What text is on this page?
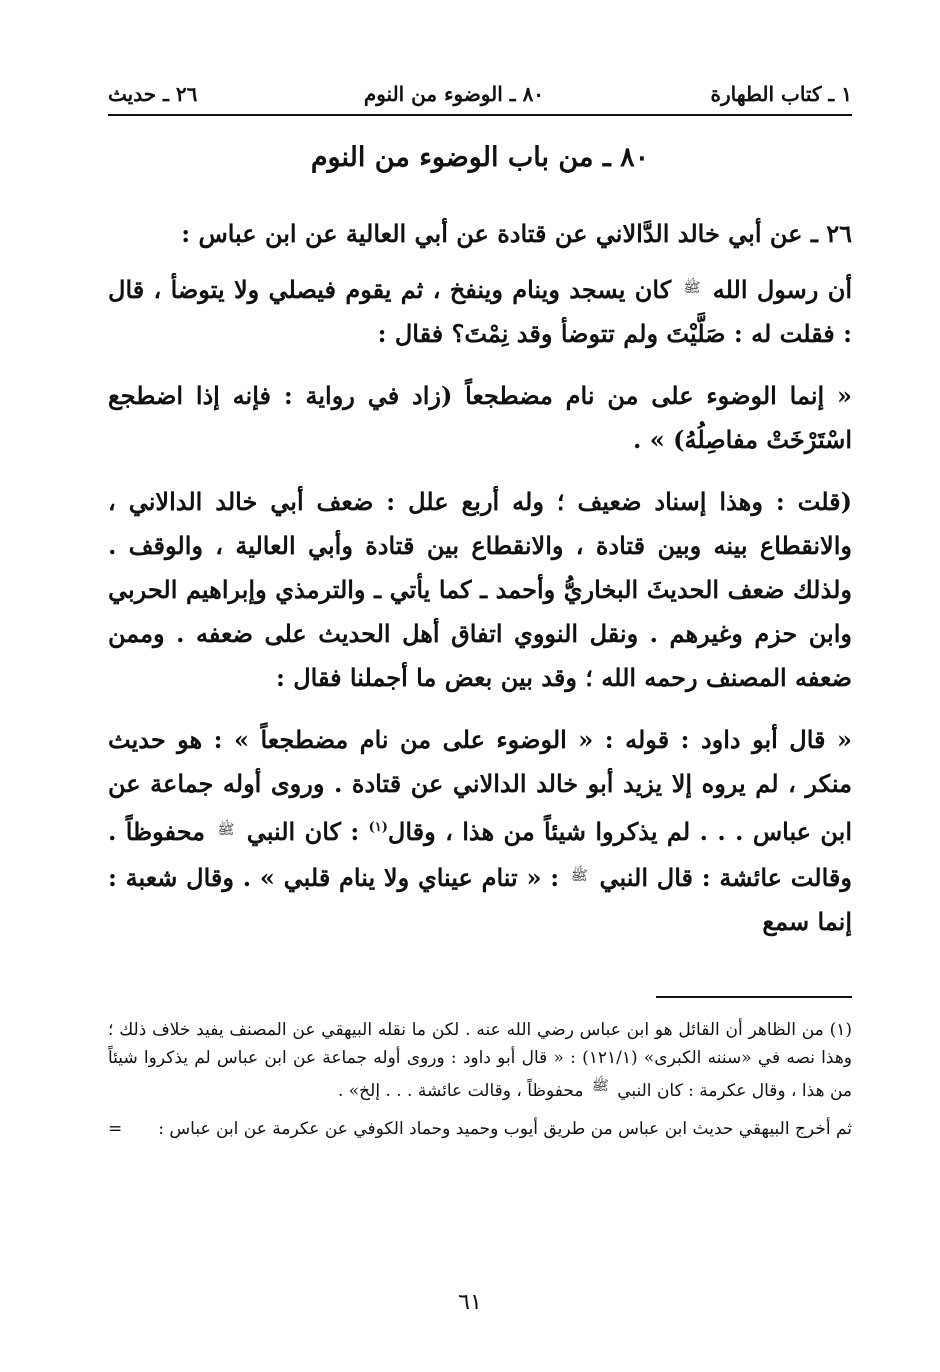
١ ـ كتاب الطهارة
٨٠ ـ الوضوء من النوم
٢٦ ـ حديث
٨٠ ـ من باب الوضوء من النوم

٢٦ ـ عن أبي خالد الدَّالاني عن قتادة عن أبي العالية عن ابن عباس :

أن رسول الله $^ﷺ$ كان يسجد وينام وينفخ ، ثم يقوم فيصلي ولا يتوضأ ، قال : فقلت له : صَلَّيْتَ ولم تتوضأ وقد نِمْتَ؟ فقال :

« إنما الوضوء على من نام مضطجعاً (زاد في رواية : فإنه إذا اضطجع اسْتَرْخَتْ مفاصِلُهُ) » .

(قلت : وهذا إسناد ضعيف ؛ وله أربع علل : ضعف أبي خالد الدالاني ، والانقطاع بينه وبين قتادة ، والانقطاع بين قتادة وأبي العالية ، والوقف . ولذلك ضعف الحديثَ البخاريُّ وأحمد ـ كما يأتي ـ والترمذي وإبراهيم الحربي وابن حزم وغيرهم . ونقل النووي اتفاق أهل الحديث على ضعفه . وممن ضعفه المصنف رحمه الله ؛ وقد بين بعض ما أجملنا فقال :

« قال أبو داود : قوله : « الوضوء على من نام مضطجعاً » : هو حديث منكر ، لم يروه إلا يزيد أبو خالد الدالاني عن قتادة . وروى أوله جماعة عن ابن عباس . . . لم يذكروا شيئاً من هذا ، وقال$^{(١)}$ : كان النبي $^ﷺ$ محفوظاً . وقالت عائشة : قال النبي $^ﷺ$ : « تنام عيناي ولا ينام قلبي » . وقال شعبة : إنما سمع

(١) من الظاهر أن القائل هو ابن عباس رضي الله عنه . لكن ما نقله البيهقي عن المصنف يفيد خلاف ذلك ؛ وهذا نصه في «سننه الكبرى» (١٢١/١) : « قال أبو داود : وروى أوله جماعة عن ابن عباس لم يذكروا شيئاً من هذا ، وقال عكرمة : كان النبي $^ﷺ$ محفوظاً ، وقالت عائشة . . . إلخ» .

ثم أخرج البيهقي حديث ابن عباس من طريق أيوب وحميد وحماد الكوفي عن عكرمة عن ابن عباس :

=
٦١
